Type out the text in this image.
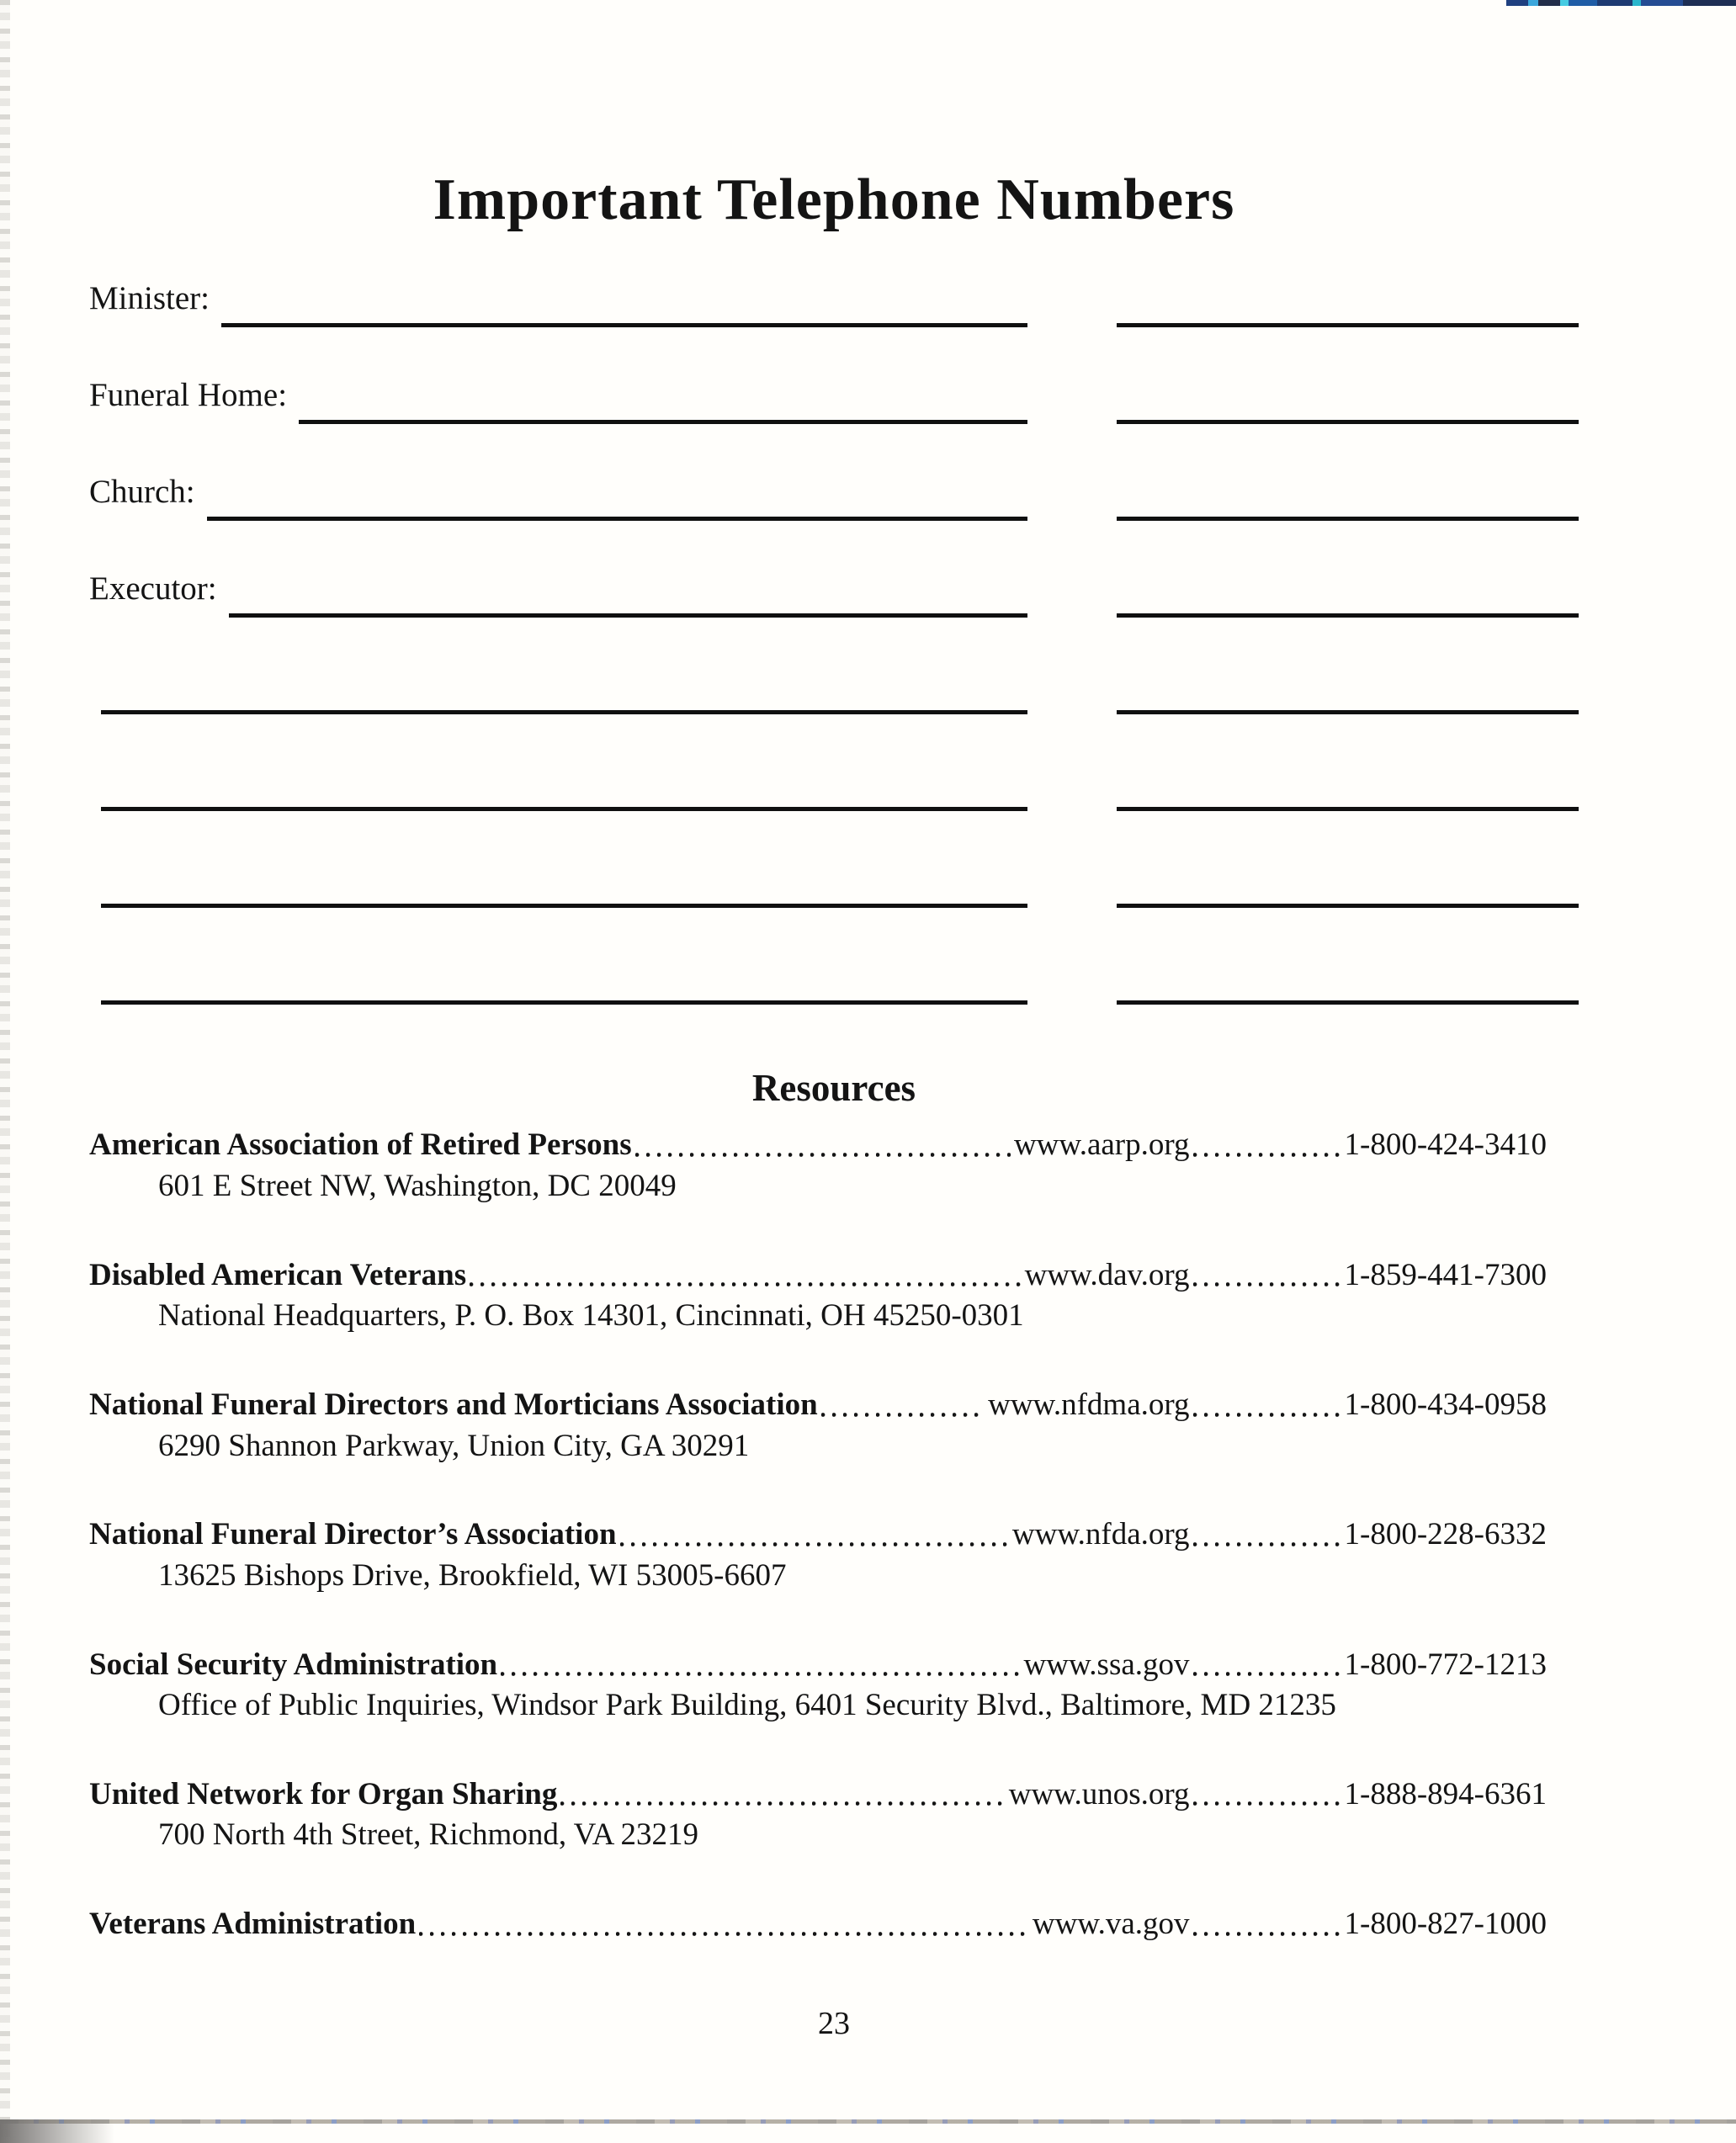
Important Telephone Numbers
Minister:
Funeral Home:
Church:
Executor:
Resources
American Association of Retired Persons	www.aarp.org	1-800-424-3410
601 E Street NW, Washington, DC 20049
Disabled American Veterans	www.dav.org	1-859-441-7300
National Headquarters, P. O. Box 14301, Cincinnati, OH 45250-0301
National Funeral Directors and Morticians Association	www.nfdma.org	1-800-434-0958
6290 Shannon Parkway, Union City, GA 30291
National Funeral Director’s Association	www.nfda.org	1-800-228-6332
13625 Bishops Drive, Brookfield, WI 53005-6607
Social Security Administration	www.ssa.gov	1-800-772-1213
Office of Public Inquiries, Windsor Park Building, 6401 Security Blvd., Baltimore, MD 21235
United Network for Organ Sharing	www.unos.org	1-888-894-6361
700 North 4th Street, Richmond, VA 23219
Veterans Administration	www.va.gov	1-800-827-1000
23
